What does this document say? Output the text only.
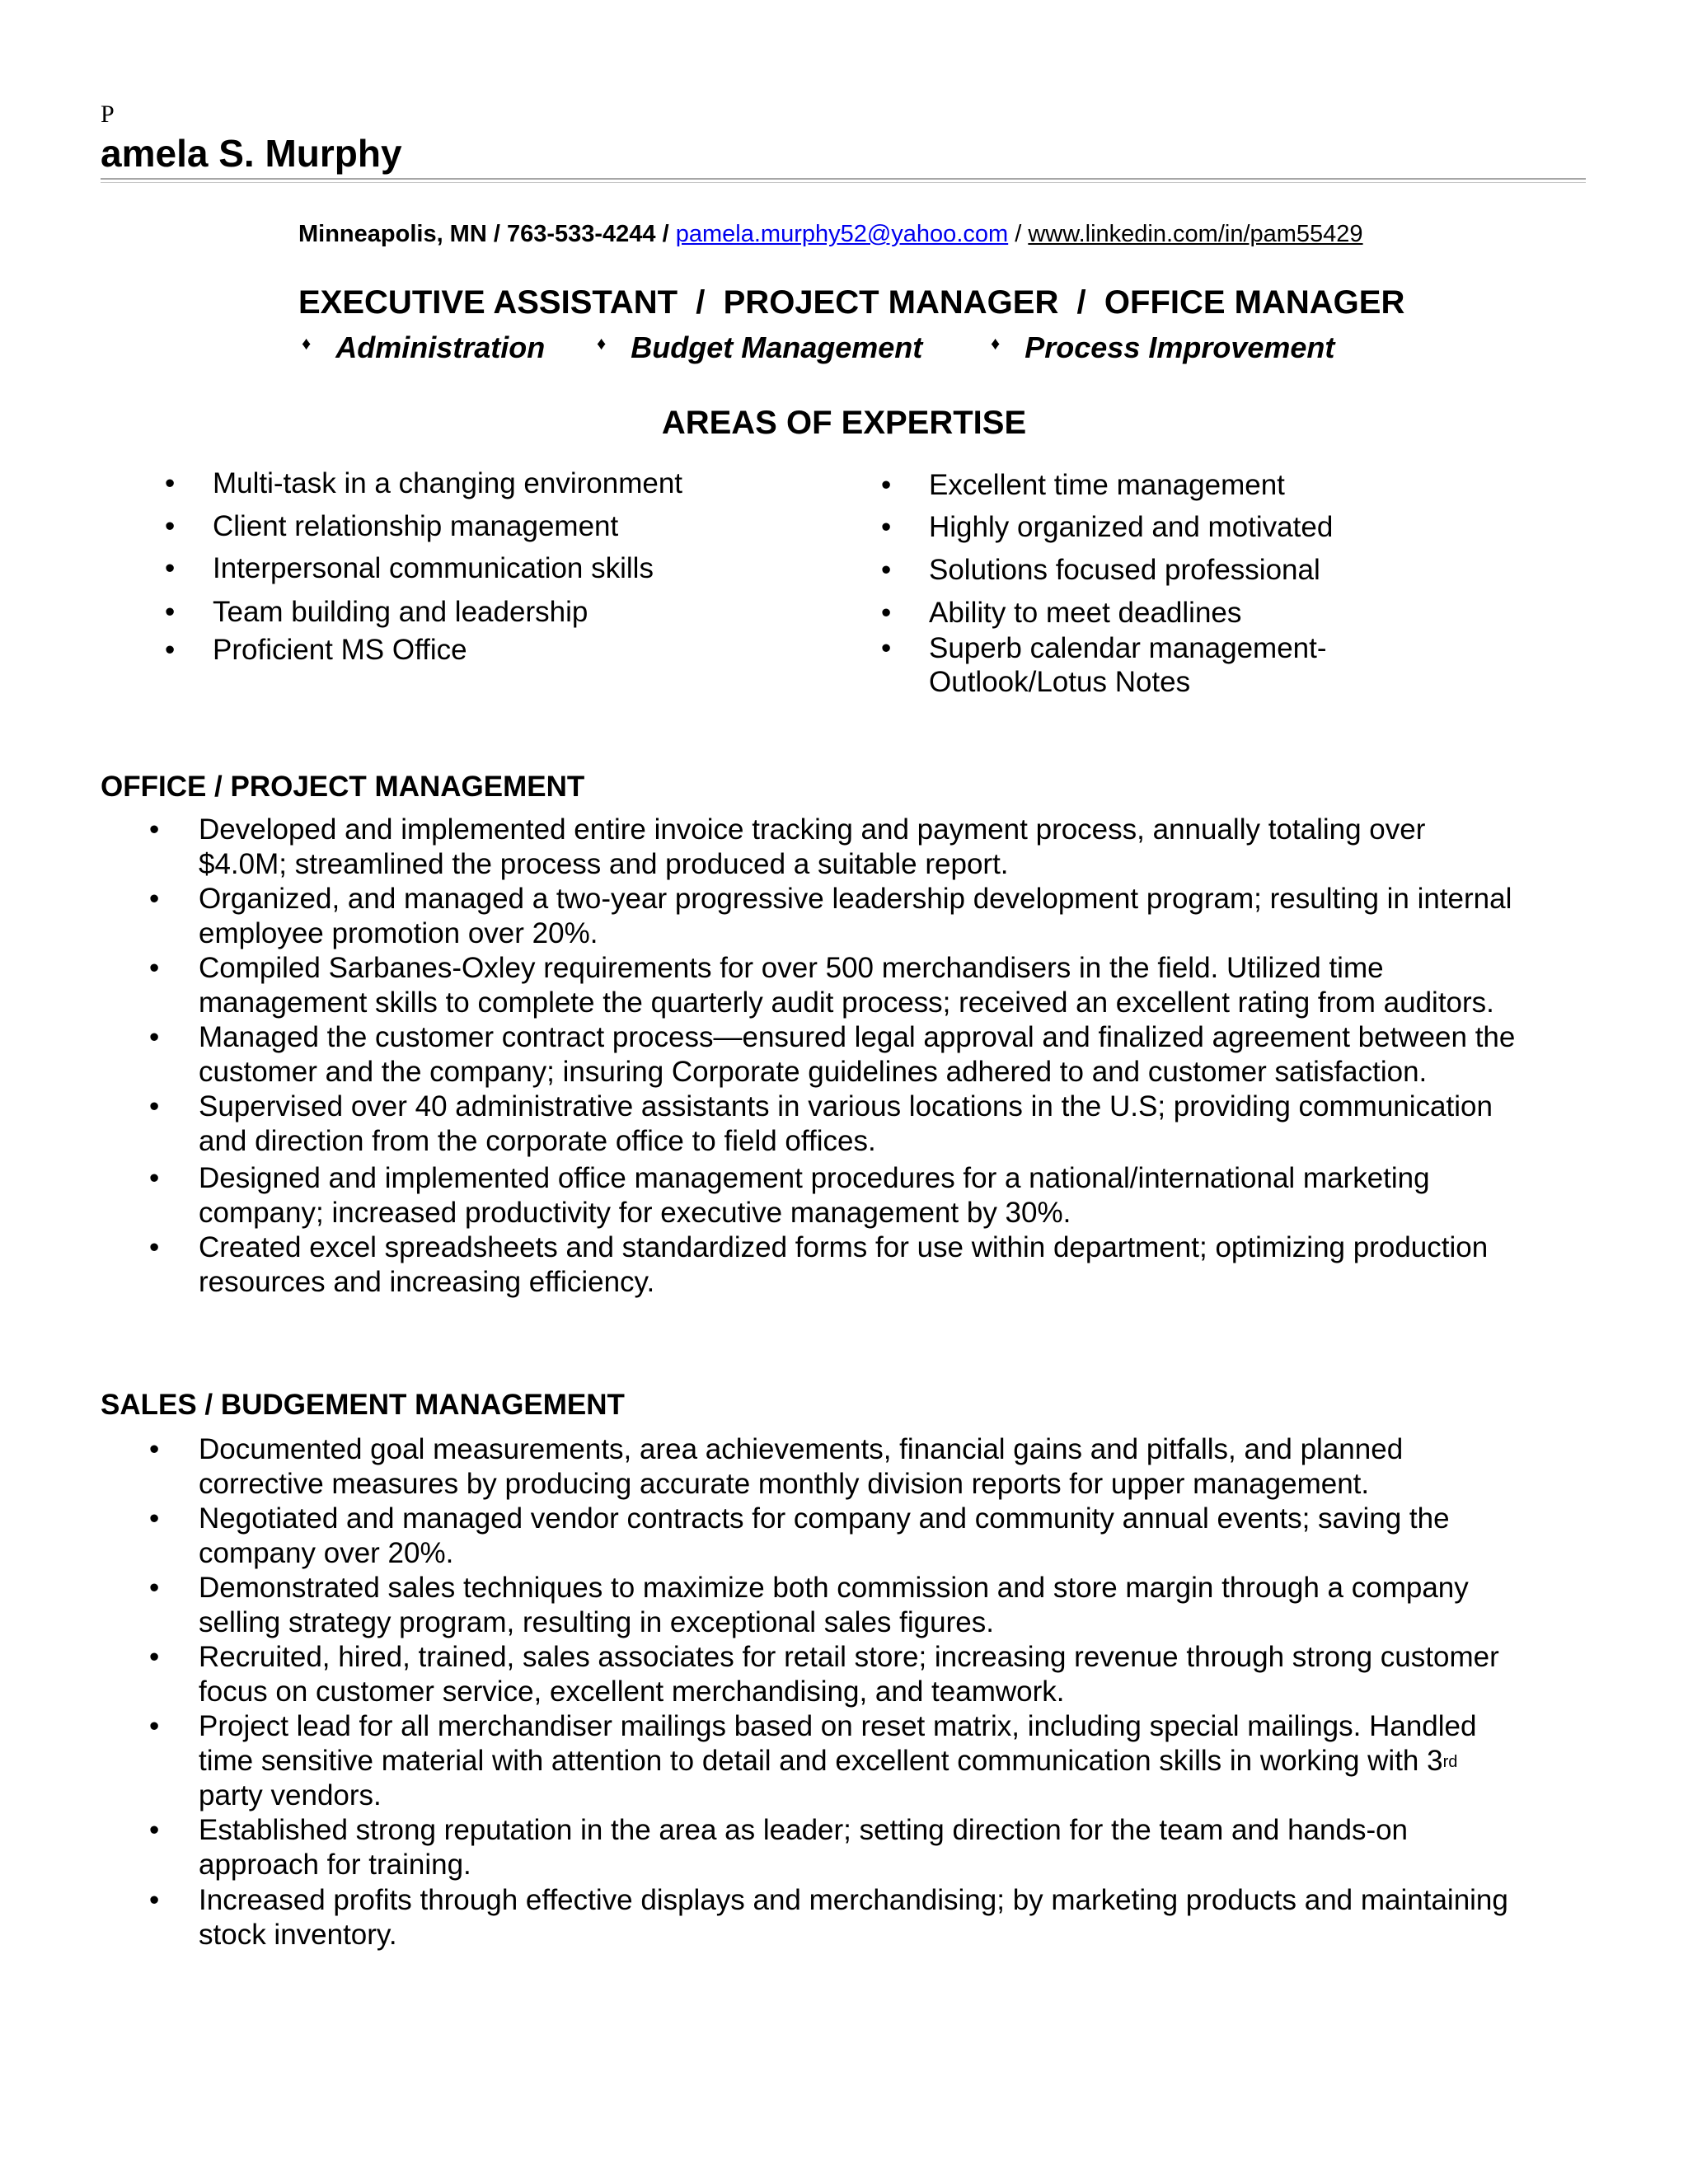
P
amela S. Murphy
Minneapolis, MN / 763-533-4244 / pamela.murphy52@yahoo.com / www.linkedin.com/in/pam55429
EXECUTIVE ASSISTANT  /  PROJECT MANAGER  /  OFFICE MANAGER
♦ Administration	♦ Budget Management	♦ Process Improvement
AREAS OF EXPERTISE
• Multi-task in a changing environment
• Client relationship management
• Interpersonal communication skills
• Team building and leadership
• Proficient MS Office
• Excellent time management
• Highly organized and motivated
• Solutions focused professional
• Ability to meet deadlines
• Superb calendar management-
Outlook/Lotus Notes
OFFICE / PROJECT MANAGEMENT
• Developed and implemented entire invoice tracking and payment process, annually totaling over
$4.0M; streamlined the process and produced a suitable report.
• Organized, and managed a two-year progressive leadership development program; resulting in internal
employee promotion over 20%.
• Compiled Sarbanes-Oxley requirements for over 500 merchandisers in the field. Utilized time
management skills to complete the quarterly audit process; received an excellent rating from auditors.
• Managed the customer contract process—ensured legal approval and finalized agreement between the
customer and the company; insuring Corporate guidelines adhered to and customer satisfaction.
• Supervised over 40 administrative assistants in various locations in the U.S; providing communication
and direction from the corporate office to field offices.
• Designed and implemented office management procedures for a national/international marketing
company; increased productivity for executive management by 30%.
• Created excel spreadsheets and standardized forms for use within department; optimizing production
resources and increasing efficiency.
SALES / BUDGEMENT MANAGEMENT
• Documented goal measurements, area achievements, financial gains and pitfalls, and planned
corrective measures by producing accurate monthly division reports for upper management.
• Negotiated and managed vendor contracts for company and community annual events; saving the
company over 20%.
• Demonstrated sales techniques to maximize both commission and store margin through a company
selling strategy program, resulting in exceptional sales figures.
• Recruited, hired, trained, sales associates for retail store; increasing revenue through strong customer
focus on customer service, excellent merchandising, and teamwork.
• Project lead for all merchandiser mailings based on reset matrix, including special mailings. Handled
time sensitive material with attention to detail and excellent communication skills in working with 3rd
party vendors.
• Established strong reputation in the area as leader; setting direction for the team and hands-on
approach for training.
• Increased profits through effective displays and merchandising; by marketing products and maintaining
stock inventory.
